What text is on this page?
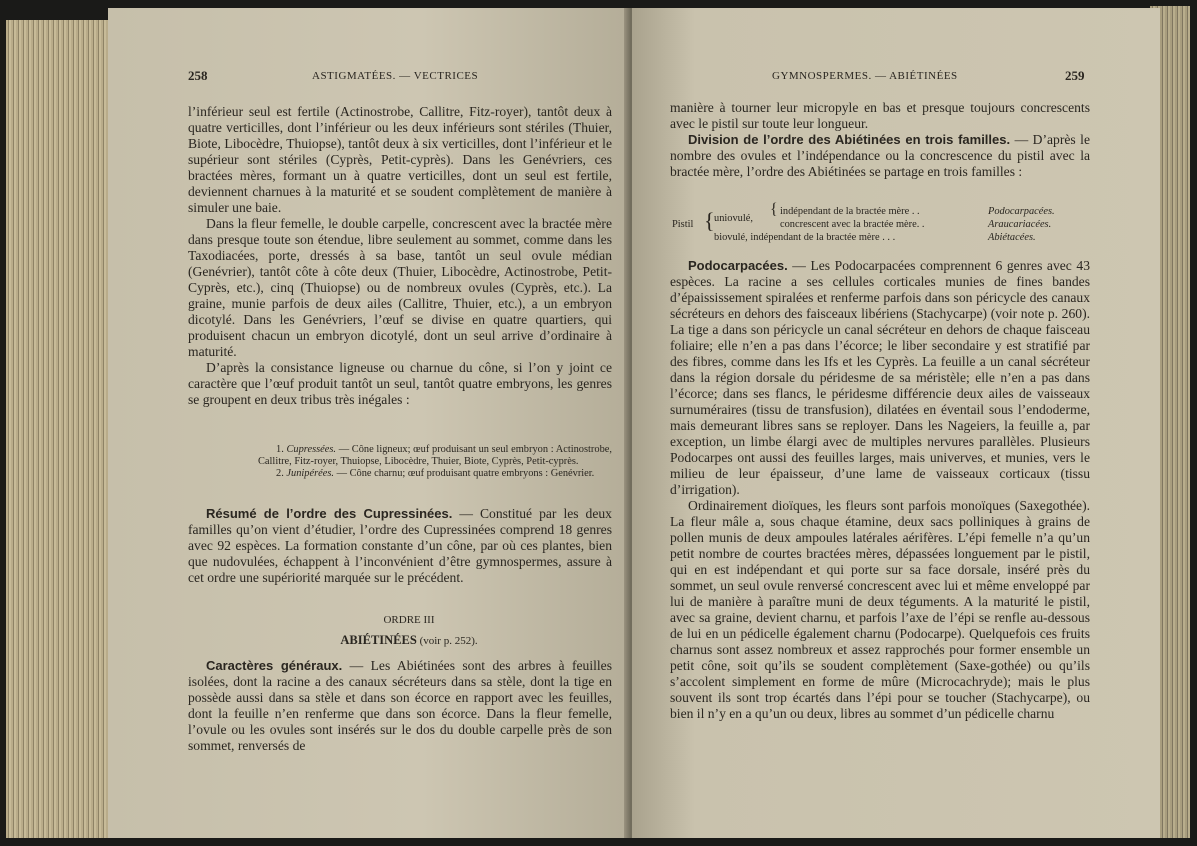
258	ASTIGMATÉES. — VECTRICES

l’inférieur seul est fertile (Actinostrobe, Callitre, Fitz-royer), tantôt deux à quatre verticilles, dont l’inférieur ou les deux inférieurs sont stériles (Thuier, Biote, Libocèdre, Thuiopse), tantôt deux à six verticilles, dont l’inférieur et le supérieur sont stériles (Cyprès, Petit-cyprès). Dans les Genévriers, ces bractées mères, formant un à quatre verticilles, dont un seul est fertile, deviennent charnues à la maturité et se soudent complètement de manière à simuler une baie.

Dans la fleur femelle, le double carpelle, concrescent avec la bractée mère dans presque toute son étendue, libre seulement au sommet, comme dans les Taxodiacées, porte, dressés à sa base, tantôt un seul ovule médian (Genévrier), tantôt côte à côte deux (Thuier, Libocèdre, Actinostrobe, Petit-Cyprès, etc.), cinq (Thuiopse) ou de nombreux ovules (Cyprès, etc.). La graine, munie parfois de deux ailes (Callitre, Thuier, etc.), a un embryon dicotylé. Dans les Genévriers, l’œuf se divise en quatre quartiers, qui produisent chacun un embryon dicotylé, dont un seul arrive d’ordinaire à maturité.

D’après la consistance ligneuse ou charnue du cône, si l’on y joint ce caractère que l’œuf produit tantôt un seul, tantôt quatre embryons, les genres se groupent en deux tribus très inégales :

1. Cupressées. — Cône ligneux; œuf produisant un seul embryon : Actinostrobe, Callitre, Fitz-royer, Thuiopse, Libocèdre, Thuier, Biote, Cyprès, Petit-cyprès.

2. Junipérées. — Cône charnu; œuf produisant quatre embryons : Genévrier.

Résumé de l’ordre des Cupressinées. — Constitué par les deux familles qu’on vient d’étudier, l’ordre des Cupressinées comprend 18 genres avec 92 espèces. La formation constante d’un cône, par où ces plantes, bien que nudovulées, échappent à l’inconvénient d’être gymnospermes, assure à cet ordre une supériorité marquée sur le précédent.

ORDRE III

ABIÉTINÉES (voir p. 252).

Caractères généraux. — Les Abiétinées sont des arbres à feuilles isolées, dont la racine a des canaux sécréteurs dans sa stèle, dont la tige en possède aussi dans sa stèle et dans son écorce en rapport avec les feuilles, dont la feuille n’en renferme que dans son écorce. Dans la fleur femelle, l’ovule ou les ovules sont insérés sur le dos du double carpelle près de son sommet, renversés de

GYMNOSPERMES. — ABIÉTINÉES	259

manière à tourner leur micropyle en bas et presque toujours concrescents avec le pistil sur toute leur longueur.

Division de l’ordre des Abiétinées en trois familles. — D’après le nombre des ovules et l’indépendance ou la concrescence du pistil avec la bractée mère, l’ordre des Abiétinées se partage en trois familles :

Pistil { uniovulé,
{ indépendant de la bractée mère . .	Podocarpacées.
concrescent avec la bractée mère. .	Araucariacées.
biovulé, indépendant de la bractée mère . . .	Abiétacées.

Podocarpacées. — Les Podocarpacées comprennent 6 genres avec 43 espèces. La racine a ses cellules corticales munies de fines bandes d’épaississement spiralées et renferme parfois dans son péricycle des canaux sécréteurs en dehors des faisceaux libériens (Stachycarpe) (voir note p. 260). La tige a dans son péricycle un canal sécréteur en dehors de chaque faisceau foliaire; elle n’en a pas dans l’écorce; le liber secondaire y est stratifié par des fibres, comme dans les Ifs et les Cyprès. La feuille a un canal sécréteur dans la région dorsale du péridesme de sa méristèle; elle n’en a pas dans l’écorce; dans ses flancs, le péridesme différencie deux ailes de vaisseaux surnuméraires (tissu de transfusion), dilatées en éventail sous l’endoderme, mais demeurant libres sans se reployer. Dans les Nageiers, la feuille a, par exception, un limbe élargi avec de multiples nervures parallèles. Plusieurs Podocarpes ont aussi des feuilles larges, mais univerves, et munies, vers le milieu de leur épaisseur, d’une lame de vaisseaux corticaux (tissu d’irrigation).

Ordinairement dioïques, les fleurs sont parfois monoïques (Saxegothée). La fleur mâle a, sous chaque étamine, deux sacs polliniques à grains de pollen munis de deux ampoules latérales aérifères. L’épi femelle n’a qu’un petit nombre de courtes bractées mères, dépassées longuement par le pistil, qui en est indépendant et qui porte sur sa face dorsale, inséré près du sommet, un seul ovule renversé concrescent avec lui et même enveloppé par lui de manière à paraître muni de deux téguments. A la maturité le pistil, avec sa graine, devient charnu, et parfois l’axe de l’épi se renfle au-dessous de lui en un pédicelle également charnu (Podocarpe). Quelquefois ces fruits charnus sont assez nombreux et assez rapprochés pour former ensemble un petit cône, soit qu’ils se soudent complètement (Saxe-gothée) ou qu’ils s’accolent simplement en forme de mûre (Microcachryde); mais le plus souvent ils sont trop écartés dans l’épi pour se toucher (Stachycarpe), ou bien il n’y en a qu’un ou deux, libres au sommet d’un pédicelle charnu
